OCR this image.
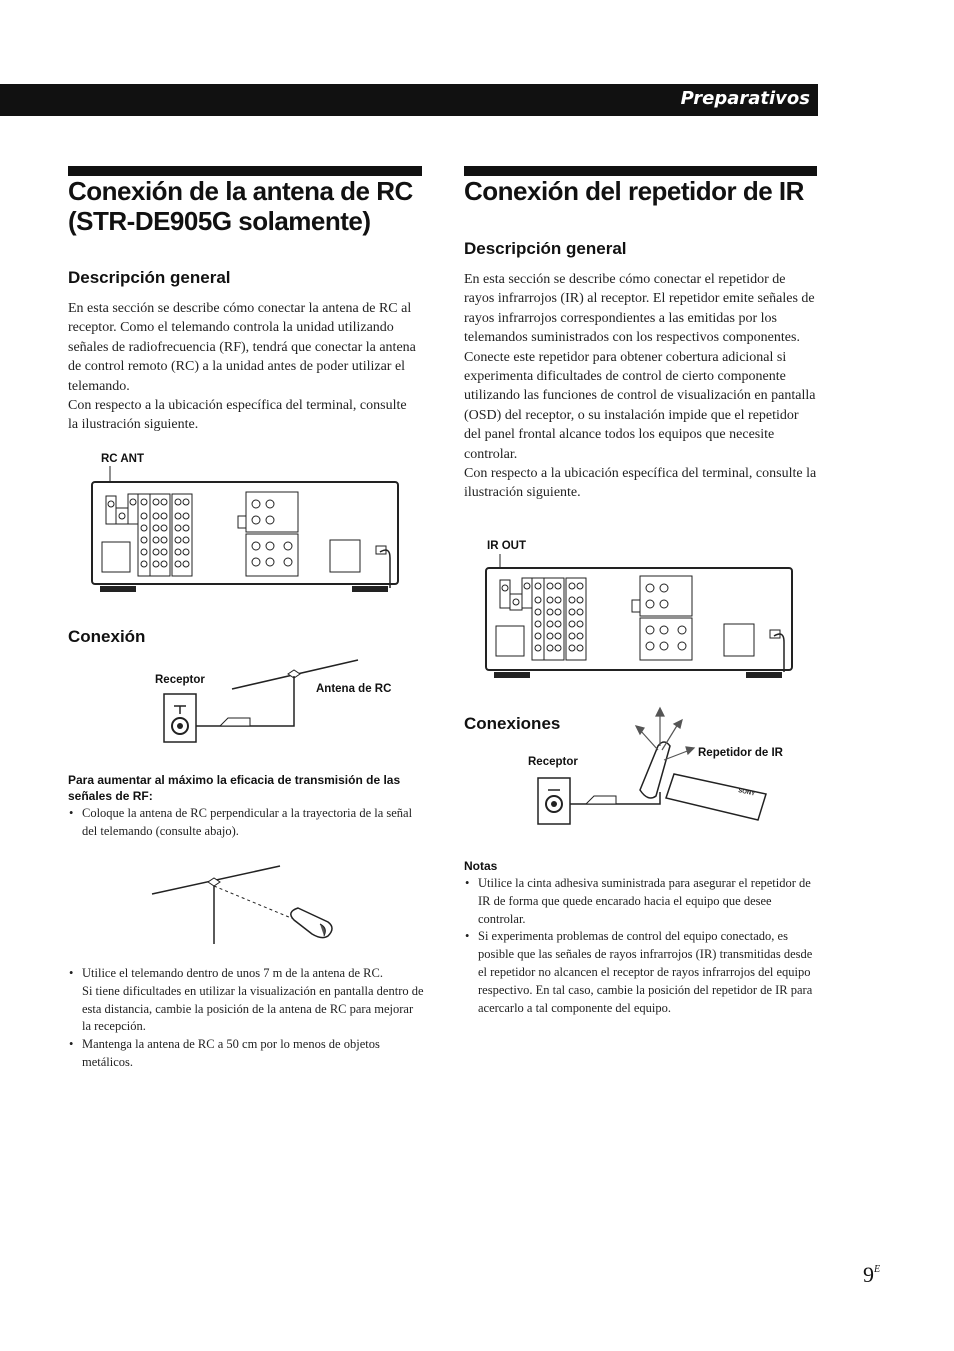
Preparativos
Conexión de la antena de RC
(STR-DE905G solamente)
Descripción general

En esta sección se describe cómo conectar la antena de RC al receptor. Como el telemando controla la unidad utilizando señales de radiofrecuencia (RF), tendrá que conectar la antena de control remoto (RC) a la unidad antes de poder utilizar el telemando.

Con respecto a la ubicación específica del terminal, consulte la ilustración siguiente.

RC ANT
Conexión
Receptor
Antena de RC
Para aumentar al máximo la eficacia de transmisión de las señales de RF:

• Coloque la antena de RC perpendicular a la trayectoria de la señal del telemando (consulte abajo).

• Utilice el telemando dentro de unos 7 m de la antena de RC.

Si tiene dificultades en utilizar la visualización en pantalla dentro de esta distancia, cambie la posición de la antena de RC para mejorar la recepción.

• Mantenga la antena de RC a 50 cm por lo menos de objetos metálicos.

Conexión del repetidor de IR
Descripción general

En esta sección se describe cómo conectar el repetidor de rayos infrarrojos (IR) al receptor. El repetidor emite señales de rayos infrarrojos correspondientes a las emitidas por los telemandos suministrados con los respectivos componentes. Conecte este repetidor para obtener cobertura adicional si experimenta dificultades de control de cierto componente utilizando las funciones de control de visualización en pantalla (OSD) del receptor, o su instalación impide que el repetidor del panel frontal alcance todos los equipos que necesite controlar.

Con respecto a la ubicación específica del terminal, consulte la ilustración siguiente.

IR OUT
Conexiones
Receptor
Repetidor de IR
SONY
Notas

• Utilice la cinta adhesiva suministrada para asegurar el repetidor de IR de forma que quede encarado hacia el equipo que desee controlar.

• Si experimenta problemas de control del equipo conectado, es posible que las señales de rayos infrarrojos (IR) transmitidas desde el repetidor no alcancen el receptor de rayos infrarrojos del equipo respectivo. En tal caso, cambie la posición del repetidor de IR para acercarlo a tal componente del equipo.

$9^E$
